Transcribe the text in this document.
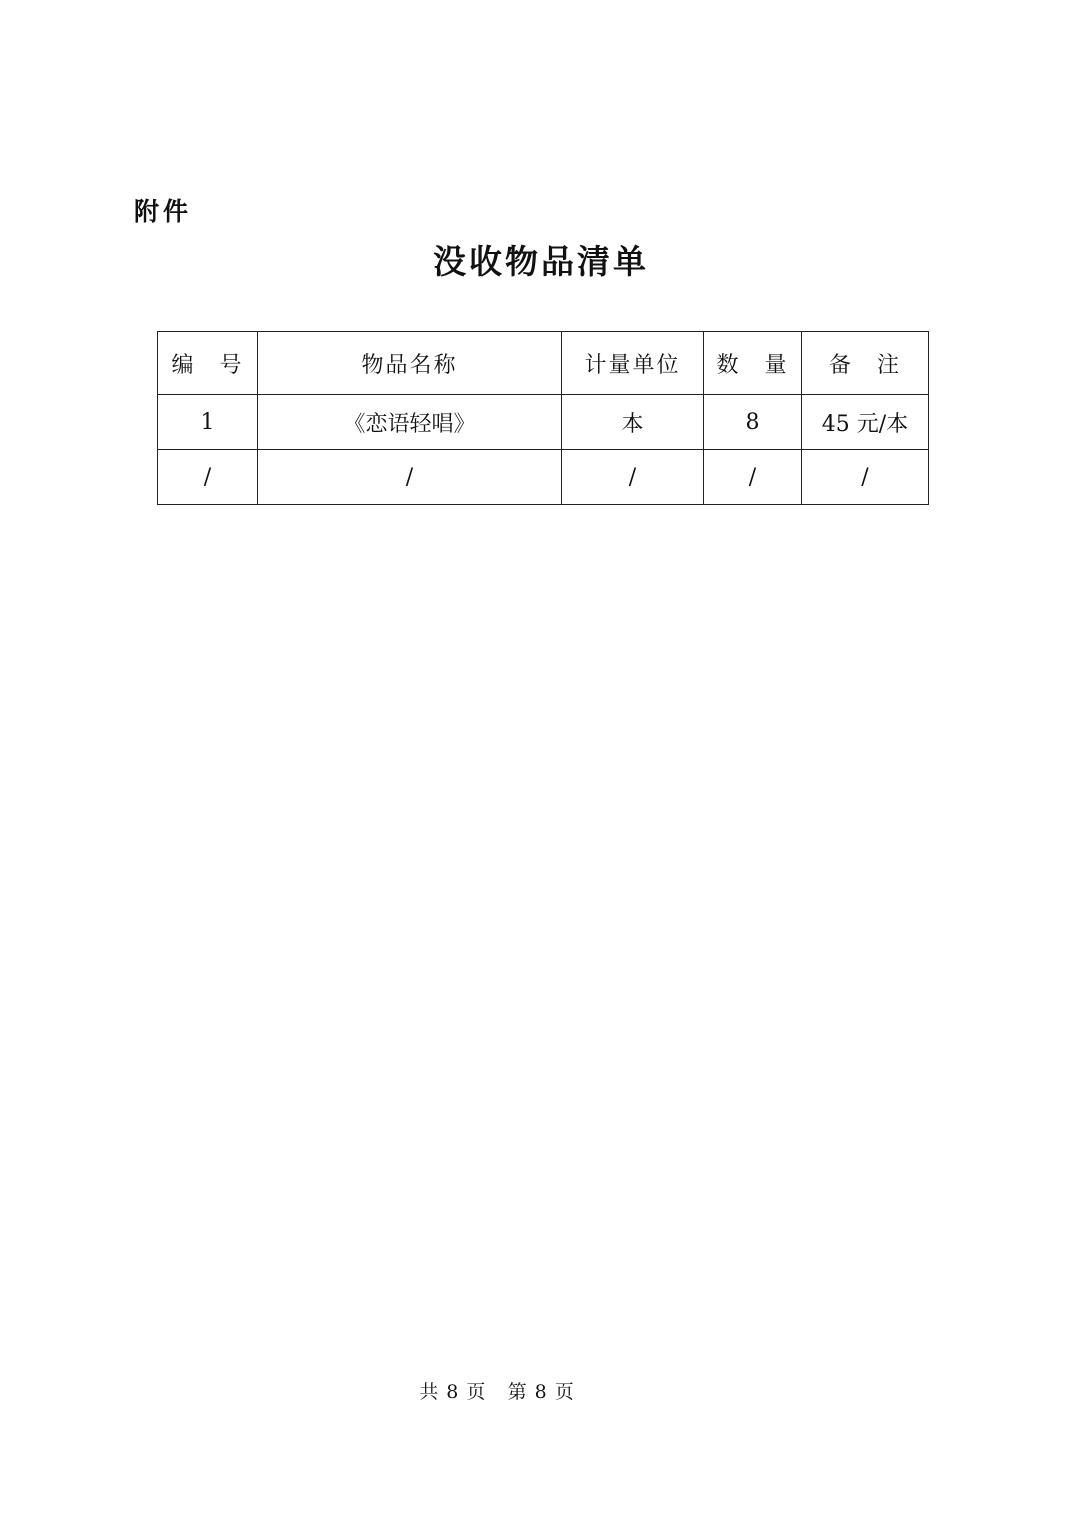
附件
没收物品清单
编　号	物品名称	计量单位	数　量	备　注
1	《恋语轻唱》	本	8	45 元/本
/	/	/	/	/
共 8 页 第 8 页
